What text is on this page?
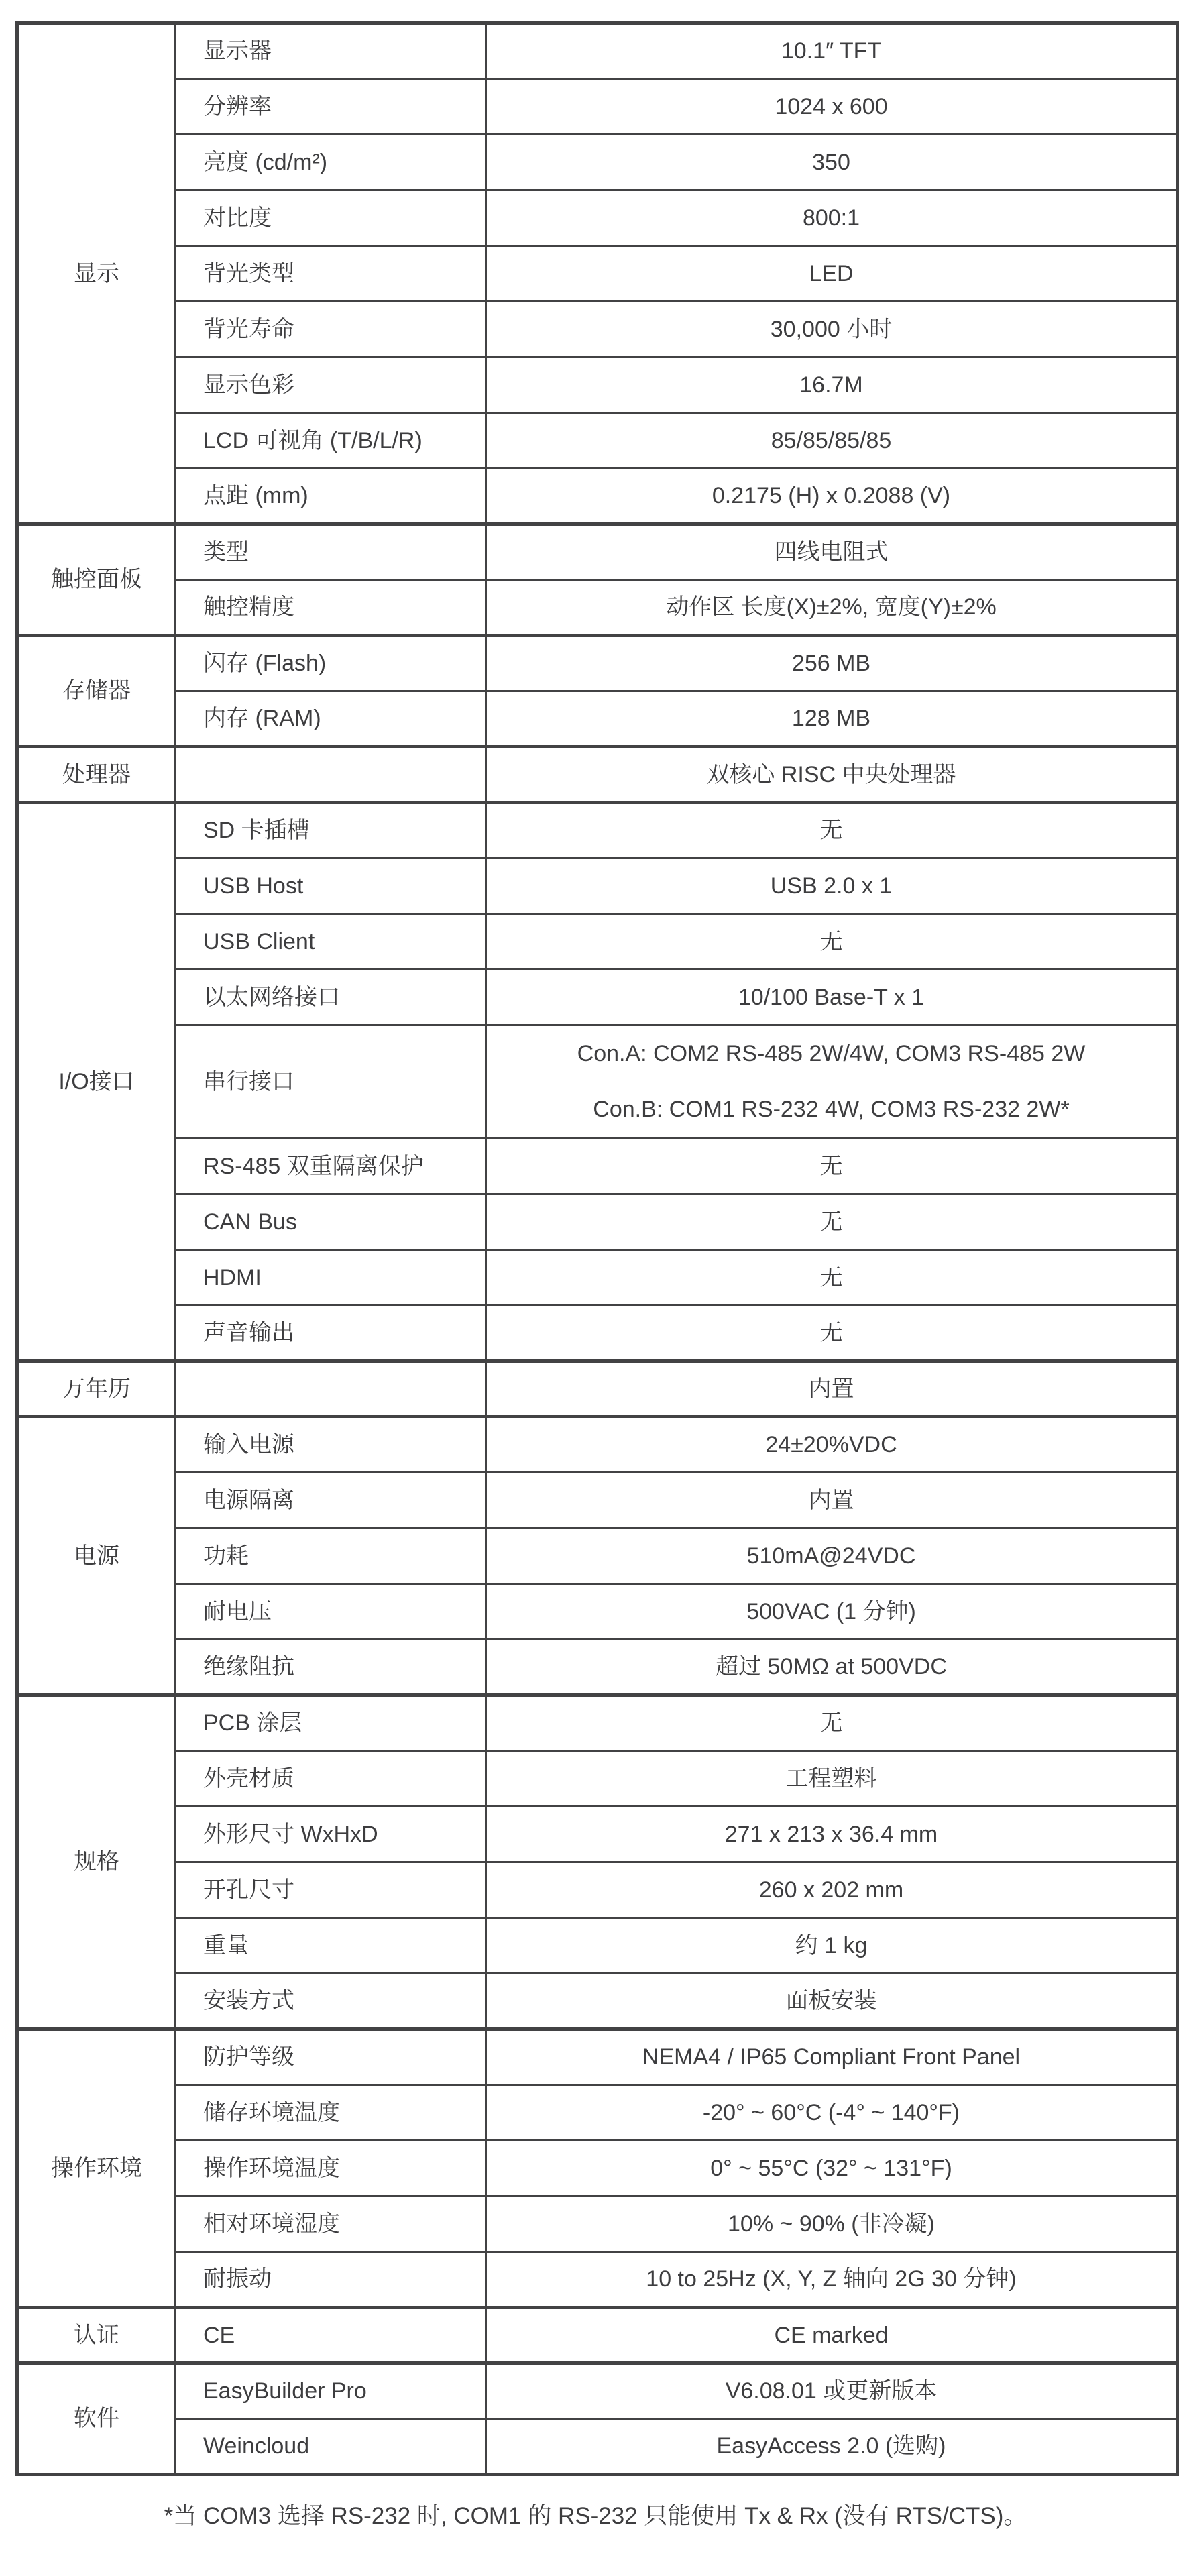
显示	显示器	10.1″ TFT
	分辨率	1024 x 600
	亮度 (cd/m²)	350
	对比度	800:1
	背光类型	LED
	背光寿命	30,000 小时
	显示色彩	16.7M
	LCD 可视角 (T/B/L/R)	85/85/85/85
	点距 (mm)	0.2175 (H) x 0.2088 (V)
触控面板	类型	四线电阻式
	触控精度	动作区 长度(X)±2%, 宽度(Y)±2%
存储器	闪存 (Flash)	256 MB
	内存 (RAM)	128 MB
处理器		双核心 RISC 中央处理器
I/O接口	SD 卡插槽	无
	USB Host	USB 2.0 x 1
	USB Client	无
	以太网络接口	10/100 Base-T x 1
	串行接口	Con.A: COM2 RS-485 2W/4W, COM3 RS-485 2W
Con.B: COM1 RS-232 4W, COM3 RS-232 2W*

	RS-485 双重隔离保护	无
	CAN Bus	无
	HDMI	无
	声音输出	无
万年历		内置
电源	输入电源	24±20%VDC
	电源隔离	内置
	功耗	510mA@24VDC
	耐电压	500VAC (1 分钟)
	绝缘阻抗	超过 50MΩ at 500VDC
规格	PCB 涂层	无
	外壳材质	工程塑料
	外形尺寸 WxHxD	271 x 213 x 36.4 mm
	开孔尺寸	260 x 202 mm
	重量	约 1 kg
	安装方式	面板安装
操作环境	防护等级	NEMA4 / IP65 Compliant Front Panel
	储存环境温度	-20° ~ 60°C (-4° ~ 140°F)
	操作环境温度	0° ~ 55°C (32° ~ 131°F)
	相对环境湿度	10% ~ 90% (非冷凝)
	耐振动	10 to 25Hz (X, Y, Z 轴向 2G 30 分钟)
认证	CE	CE marked
软件	EasyBuilder Pro	V6.08.01 或更新版本
	Weincloud	EasyAccess 2.0 (选购)
*当 COM3 选择 RS-232 时, COM1 的 RS-232 只能使用 Tx & Rx (没有 RTS/CTS)。
